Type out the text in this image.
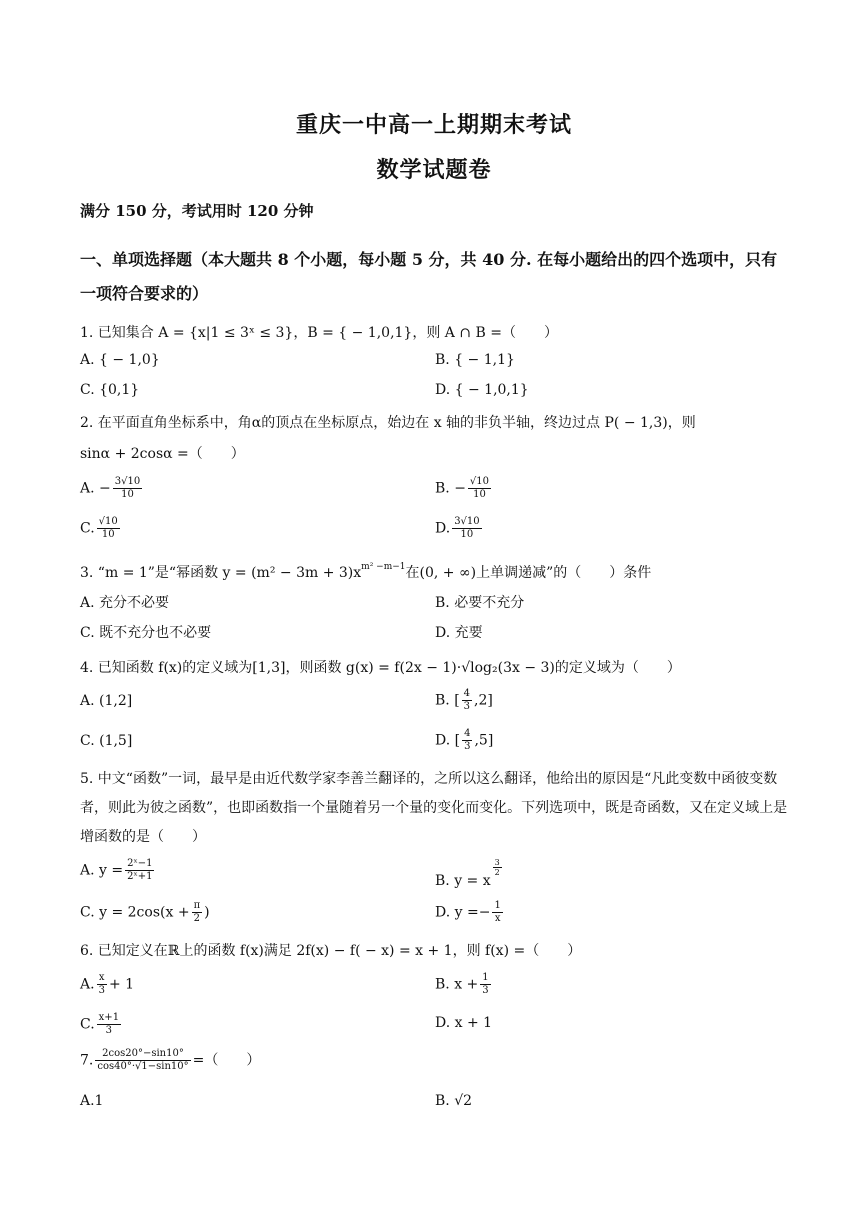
重庆一中高一上期期末考试
数学试题卷
满分 150 分，考试用时 120 分钟
一、单项选择题（本大题共 8 个小题，每小题 5 分，共 40 分. 在每小题给出的四个选项中，只有一项符合要求的）
1. 已知集合 A = {x|1 ≤ 3ˣ ≤ 3}，B = { − 1,0,1}，则 A ∩ B =（　　）
A. { − 1,0}	B. { − 1,1}
C. {0,1}	D. { − 1,0,1}
2. 在平面直角坐标系中，角α的顶点在坐标原点，始边在 x 轴的非负半轴，终边过点 P( − 1,3)，则
sinα + 2cosα =（　　）
A. − $\frac{3√10}{10}$	B. − $\frac{√10}{10}$
C. $\frac{√10}{10}$	D. $\frac{3√10}{10}$
3. “m = 1”是“幂函数 $y = (m^2 - 3m + 3)x^{m^2 -m-1}$在(0, + ∞)上单调递减”的（　　）条件
A. 充分不必要	B. 必要不充分
C. 既不充分也不必要	D. 充要
4. 已知函数 f(x)的定义域为[1,3]，则函数 g(x) = f(2x − 1)·√log₂(3x − 3)的定义域为（　　）
A. (1,2]	B. [ $\frac{4}{3} ,2$]
C. (1,5]	D. [ $\frac{4}{3} ,5$]
5. 中文“函数”一词，最早是由近代数学家李善兰翻译的，之所以这么翻译，他给出的原因是“凡此变数中函彼变数者，则此为彼之函数”，也即函数指一个量随着另一个量的变化而变化。下列选项中，既是奇函数，又在定义域上是增函数的是（　　）
A. $y = \frac{\text{2ˣ−1}}{\text{2ˣ+1}}$	B. y = x
$\frac{3}{2}$
C. $y = 2\cos(x + \frac{\pi}{2}$ )	D. $y =- \frac{1}{x}$
6. 已知定义在ℝ上的函数 f(x)满足 2f(x) − f( − x) = x + 1，则 f(x) =（　　）
A. $\frac{x}{3} + 1$	B. $x + \frac{1}{3}$
C. $\frac{x+1}{3}$	D. x + 1
7. $\frac{2\cos 20^\circ-\sin 10^\circ}{\cos 40^\circ\cdot√1-\sin 10^\circ}$ =（　　）
A.1	B. √2
